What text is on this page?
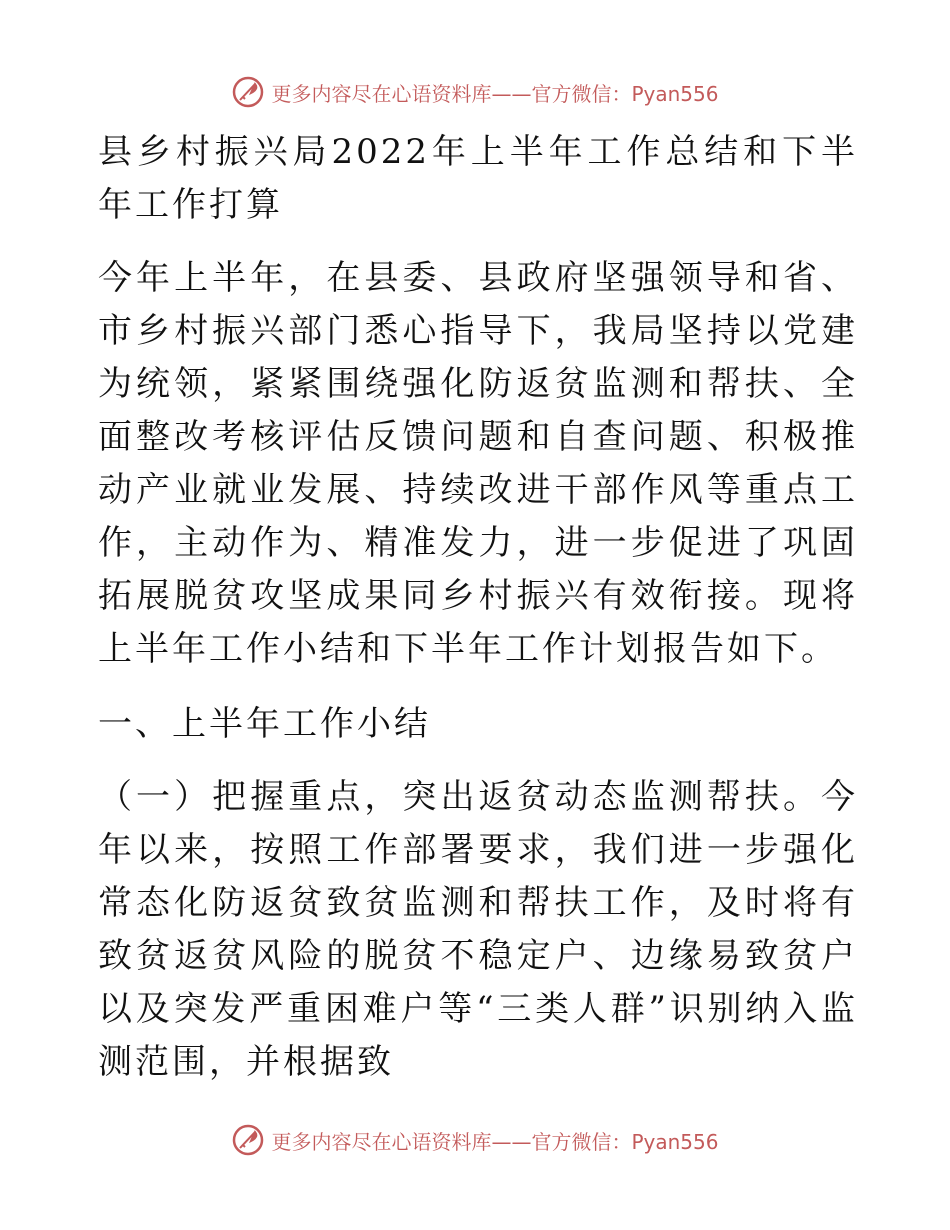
更多内容尽在心语资料库——官方微信：Pyan556

县乡村振兴局2022年上半年工作总结和下半年工作打算

今年上半年，在县委、县政府坚强领导和省、市乡村振兴部门悉心指导下，我局坚持以党建为统领，紧紧围绕强化防返贫监测和帮扶、全面整改考核评估反馈问题和自查问题、积极推动产业就业发展、持续改进干部作风等重点工作，主动作为、精准发力，进一步促进了巩固拓展脱贫攻坚成果同乡村振兴有效衔接。现将上半年工作小结和下半年工作计划报告如下。

一、上半年工作小结

（一）把握重点，突出返贫动态监测帮扶。今年以来，按照工作部署要求，我们进一步强化常态化防返贫致贫监测和帮扶工作，及时将有致贫返贫风险的脱贫不稳定户、边缘易致贫户以及突发严重困难户等“三类人群”识别纳入监测范围，并根据致

更多内容尽在心语资料库——官方微信：Pyan556
